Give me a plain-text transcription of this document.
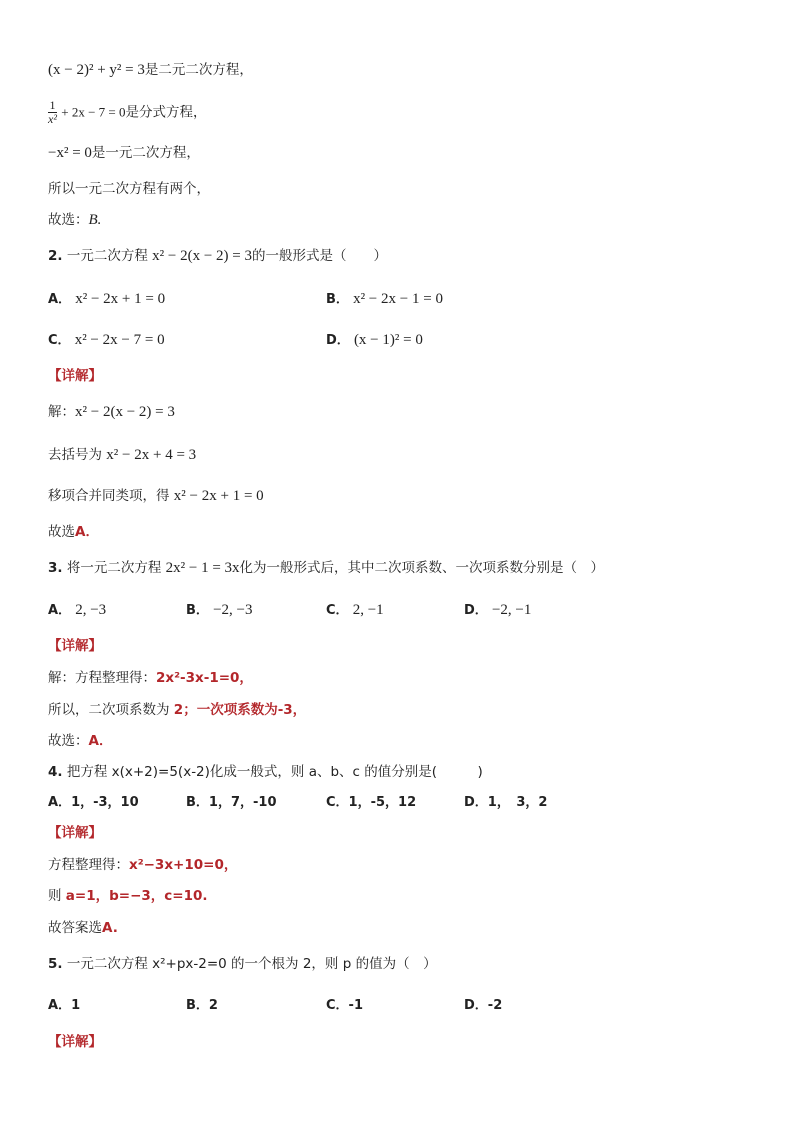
(x − 2)² + y² = 3是二元二次方程，
$\frac{1}{\text{x²}} + 2x - 7 = 0$是分式方程，
−x² = 0是一元二次方程，
所以一元二次方程有两个，
故选：B.
2. 一元二次方程 x² − 2(x − 2) = 3的一般形式是（　　）
A． x² − 2x + 1 = 0	B． x² − 2x − 1 = 0
C． x² − 2x − 7 = 0	D． (x − 1)² = 0
【详解】
解：x² − 2(x − 2) = 3
去括号为 x² − 2x + 4 = 3
移项合并同类项，得 x² − 2x + 1 = 0
故选A．
3. 将一元二次方程 2x² − 1 = 3x化为一般形式后，其中二次项系数、一次项系数分别是（　）
A． 2, −3	B． −2, −3	C． 2, −1	D． −2, −1
【详解】
解：方程整理得：2x²-3x-1=0，
所以，二次项系数为 2；一次项系数为-3，
故选：A．
4. 把方程 x(x+2)=5(x-2)化成一般式，则 a、b、c 的值分别是(　　　)
A．1，-3，10	B．1，7，-10	C．1，-5，12	D．1，　3，2
【详解】
方程整理得：x²−3x+10=0，
则 a=1，b=−3，c=10.
故答案选A.
5. 一元二次方程 x²+px-2=0 的一个根为 2，则 p 的值为（　）
A．1	B．2	C．-1	D．-2
【详解】
